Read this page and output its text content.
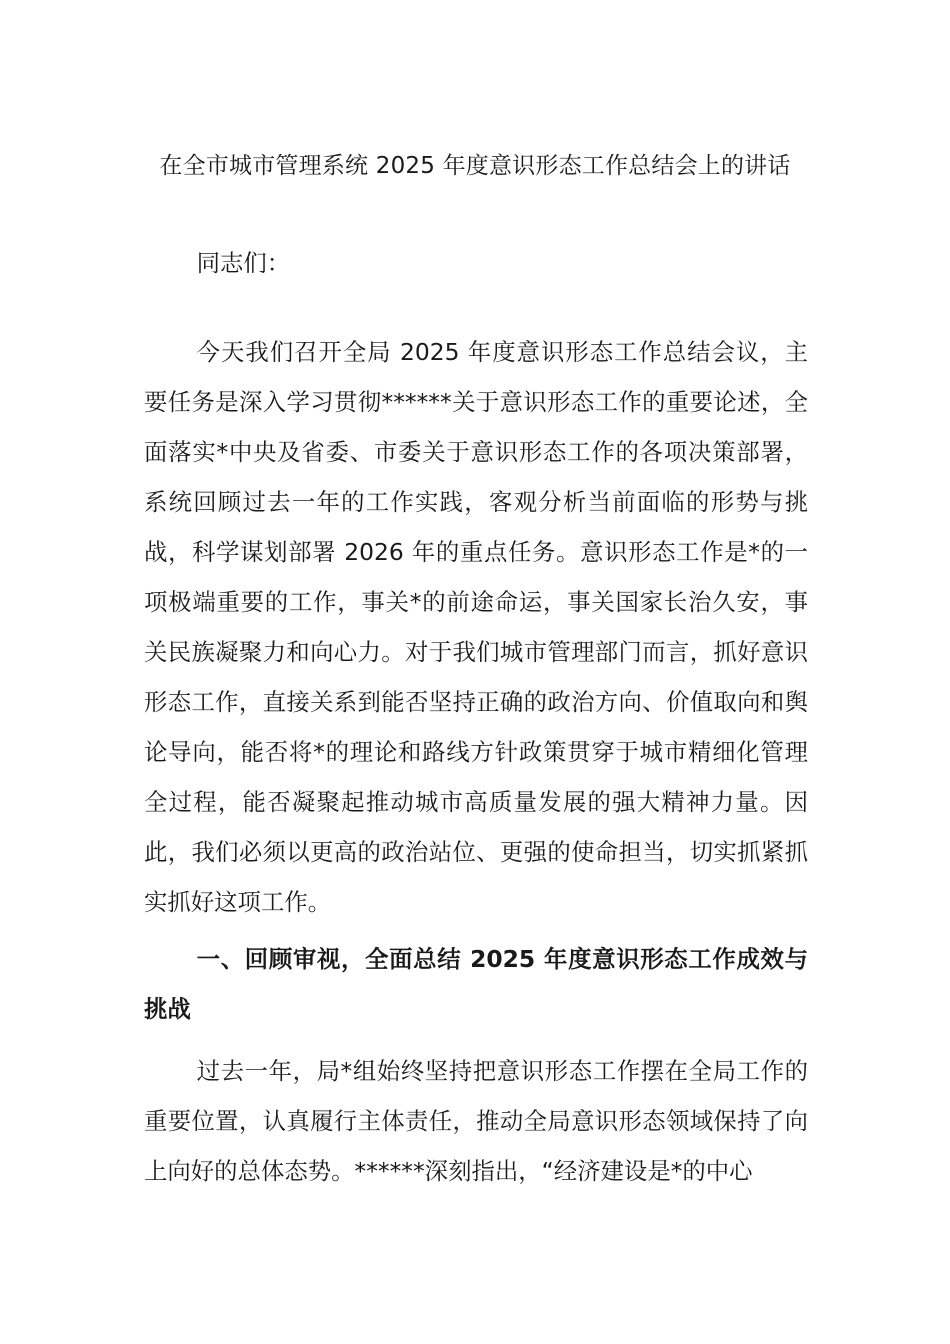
在全市城市管理系统 2025 年度意识形态工作总结会上的讲话

同志们：

今天我们召开全局 2025 年度意识形态工作总结会议，主要任务是深入学习贯彻******关于意识形态工作的重要论述，全面落实*中央及省委、市委关于意识形态工作的各项决策部署，系统回顾过去一年的工作实践，客观分析当前面临的形势与挑战，科学谋划部署 2026 年的重点任务。意识形态工作是*的一项极端重要的工作，事关*的前途命运，事关国家长治久安，事关民族凝聚力和向心力。对于我们城市管理部门而言，抓好意识形态工作，直接关系到能否坚持正确的政治方向、价值取向和舆论导向，能否将*的理论和路线方针政策贯穿于城市精细化管理全过程，能否凝聚起推动城市高质量发展的强大精神力量。因此，我们必须以更高的政治站位、更强的使命担当，切实抓紧抓实抓好这项工作。

一、回顾审视，全面总结 2025 年度意识形态工作成效与挑战

过去一年，局*组始终坚持把意识形态工作摆在全局工作的重要位置，认真履行主体责任，推动全局意识形态领域保持了向上向好的总体态势。******深刻指出，“经济建设是*的中心
